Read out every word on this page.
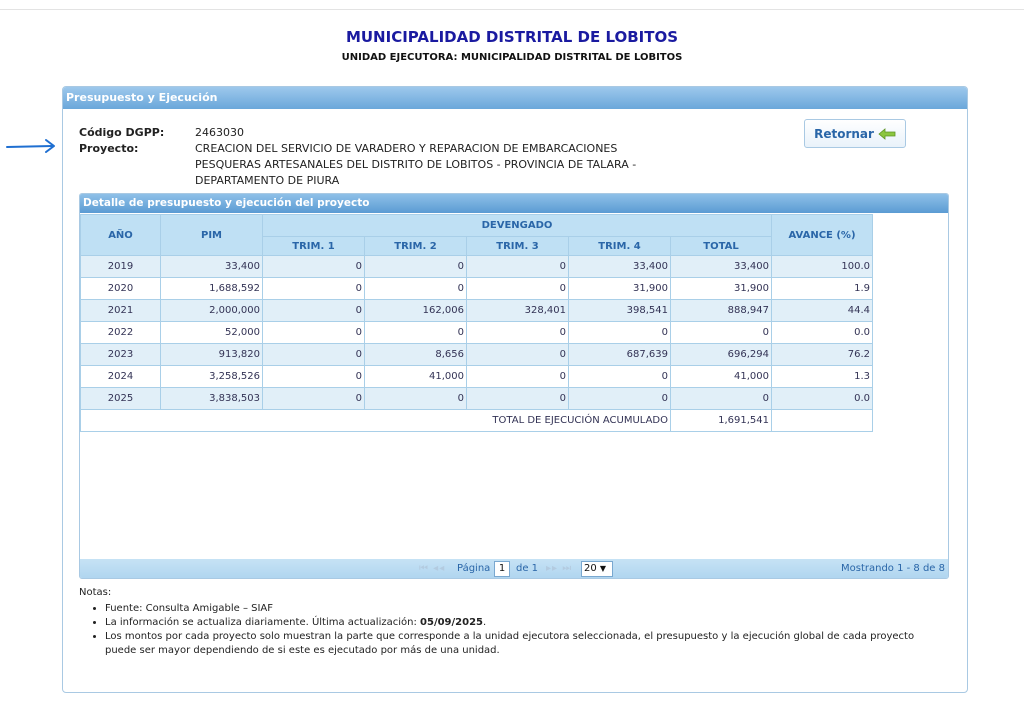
MUNICIPALIDAD DISTRITAL DE LOBITOS
UNIDAD EJECUTORA: MUNICIPALIDAD DISTRITAL DE LOBITOS
Presupuesto y Ejecución
Código DGPP:	2463030
Proyecto:	CREACION DEL SERVICIO DE VARADERO Y REPARACION DE EMBARCACIONES PESQUERAS ARTESANALES DEL DISTRITO DE LOBITOS - PROVINCIA DE TALARA - DEPARTAMENTO DE PIURA
Retornar
Detalle de presupuesto y ejecución del proyecto
AÑO	PIM	DEVENGADO					AVANCE (%)
		TRIM. 1	TRIM. 2	TRIM. 3	TRIM. 4	TOTAL	
2019	33,400	0	0	0	33,400	33,400	100.0
2020	1,688,592	0	0	0	31,900	31,900	1.9
2021	2,000,000	0	162,006	328,401	398,541	888,947	44.4
2022	52,000	0	0	0	0	0	0.0
2023	913,820	0	8,656	0	687,639	696,294	76.2
2024	3,258,526	0	41,000	0	0	41,000	1.3
2025	3,838,503	0	0	0	0	0	0.0
TOTAL DE EJECUCIÓN ACUMULADO						1,691,541	
⏮ ◂◂ Página 1	de 1 ▸▸ ⏭	20 ▼	Mostrando 1 - 8 de 8
Notas:
• Fuente: Consulta Amigable – SIAF
• La información se actualiza diariamente. Última actualización: 05/09/2025.
• Los montos por cada proyecto solo muestran la parte que corresponde a la unidad ejecutora seleccionada, el presupuesto y la ejecución global de cada proyecto puede ser mayor dependiendo de si este es ejecutado por más de una unidad.
